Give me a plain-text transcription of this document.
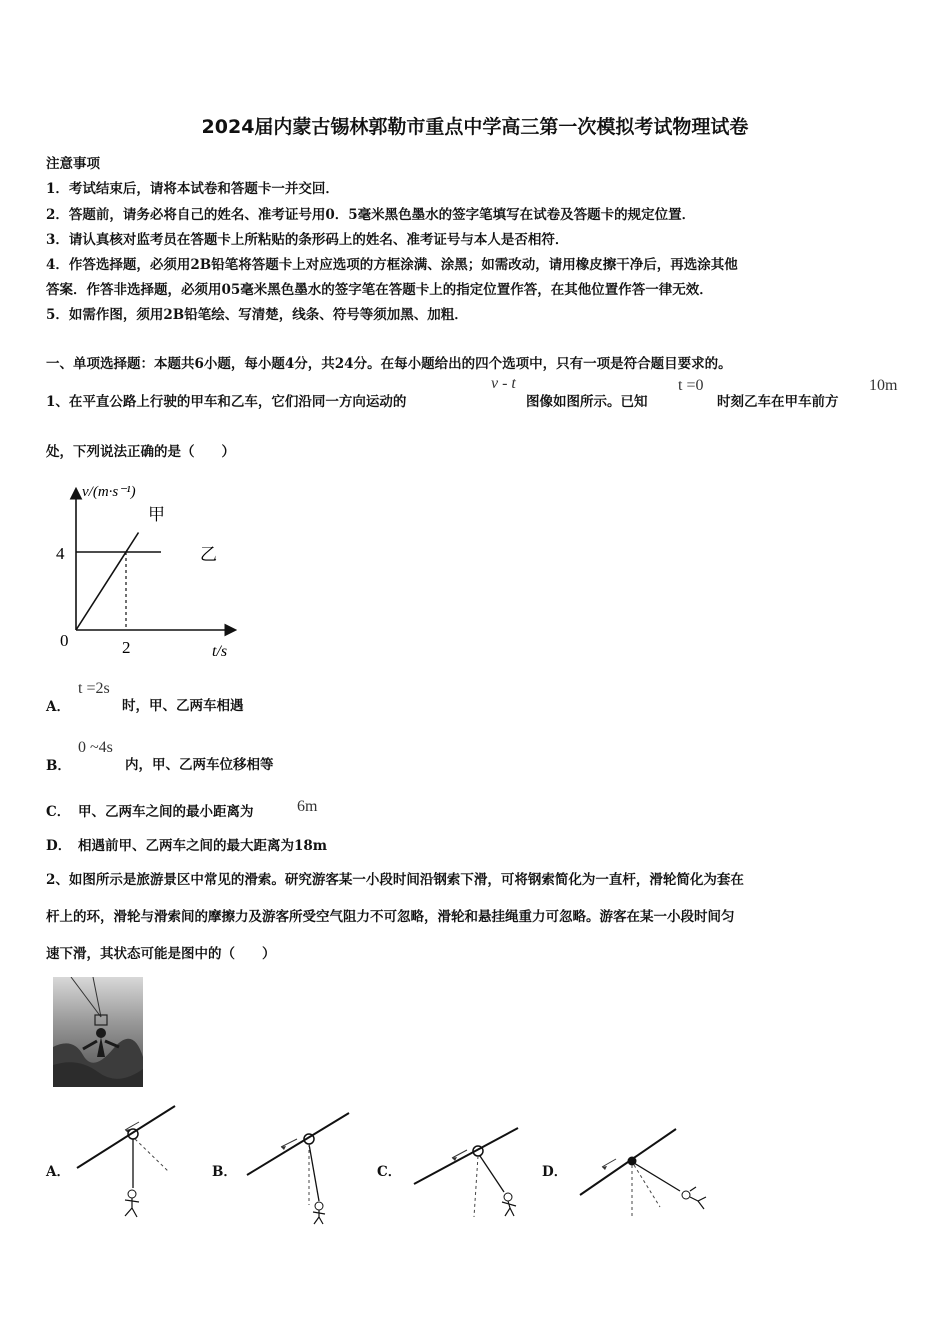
2024届内蒙古锡林郭勒市重点中学高三第一次模拟考试物理试卷
注意事项
1．考试结束后，请将本试卷和答题卡一并交回．
2．答题前，请务必将自己的姓名、准考证号用0．5毫米黑色墨水的签字笔填写在试卷及答题卡的规定位置．
3．请认真核对监考员在答题卡上所粘贴的条形码上的姓名、准考证号与本人是否相符．
4．作答选择题，必须用2B铅笔将答题卡上对应选项的方框涂满、涂黑；如需改动，请用橡皮擦干净后，再选涂其他
答案．作答非选择题，必须用05毫米黑色墨水的签字笔在答题卡上的指定位置作答，在其他位置作答一律无效．
5．如需作图，须用2B铅笔绘、写清楚，线条、符号等须加黑、加粗．
一、单项选择题：本题共6小题，每小题4分，共24分。在每小题给出的四个选项中，只有一项是符合题目要求的。
1、在平直公路上行驶的甲车和乙车，它们沿同一方向运动的
v - t
图像如图所示。已知
t =0
时刻乙车在甲车前方
10m
处，下列说法正确的是（　　）
v/(m·s⁻¹)
t/s
0
4
2
甲
乙
A．
t =2s
时，甲、乙两车相遇
B．
0 ~4s
内，甲、乙两车位移相等
C． 甲、乙两车之间的最小距离为	6m
D． 相遇前甲、乙两车之间的最大距离为18m
2、如图所示是旅游景区中常见的滑索。研究游客某一小段时间沿钢索下滑，可将钢索简化为一直杆，滑轮简化为套在
杆上的环，滑轮与滑索间的摩擦力及游客所受空气阻力不可忽略，滑轮和悬挂绳重力可忽略。游客在某一小段时间匀
速下滑，其状态可能是图中的（　　）
A．	B．	C．	D．
